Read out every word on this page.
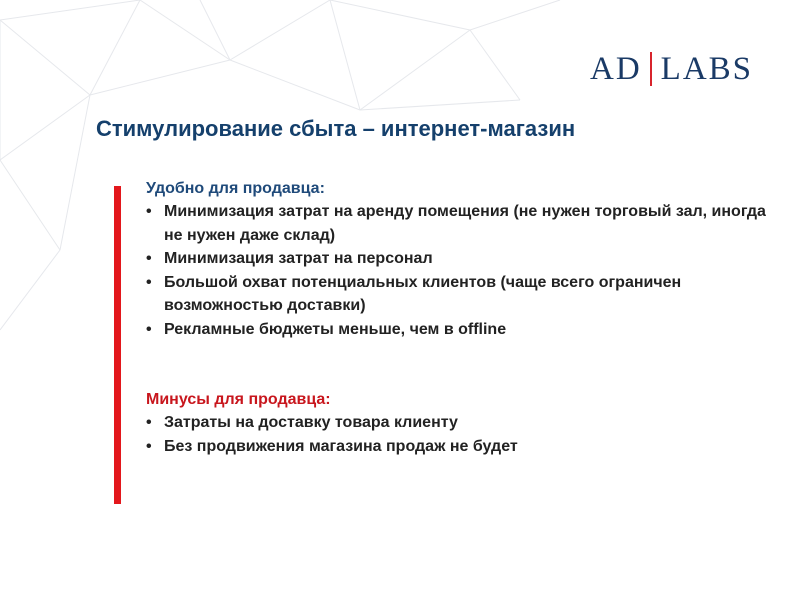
AD LABS
Стимулирование сбыта – интернет-магазин

Удобно для продавца:

• Минимизация затрат на аренду помещения (не нужен торговый зал, иногда не нужен даже склад)
• Минимизация затрат на персонал
• Большой охват потенциальных клиентов (чаще всего ограничен возможностью доставки)
• Рекламные бюджеты меньше, чем в offline

Минусы для продавца:

• Затраты на доставку товара клиенту
• Без продвижения магазина продаж не будет
